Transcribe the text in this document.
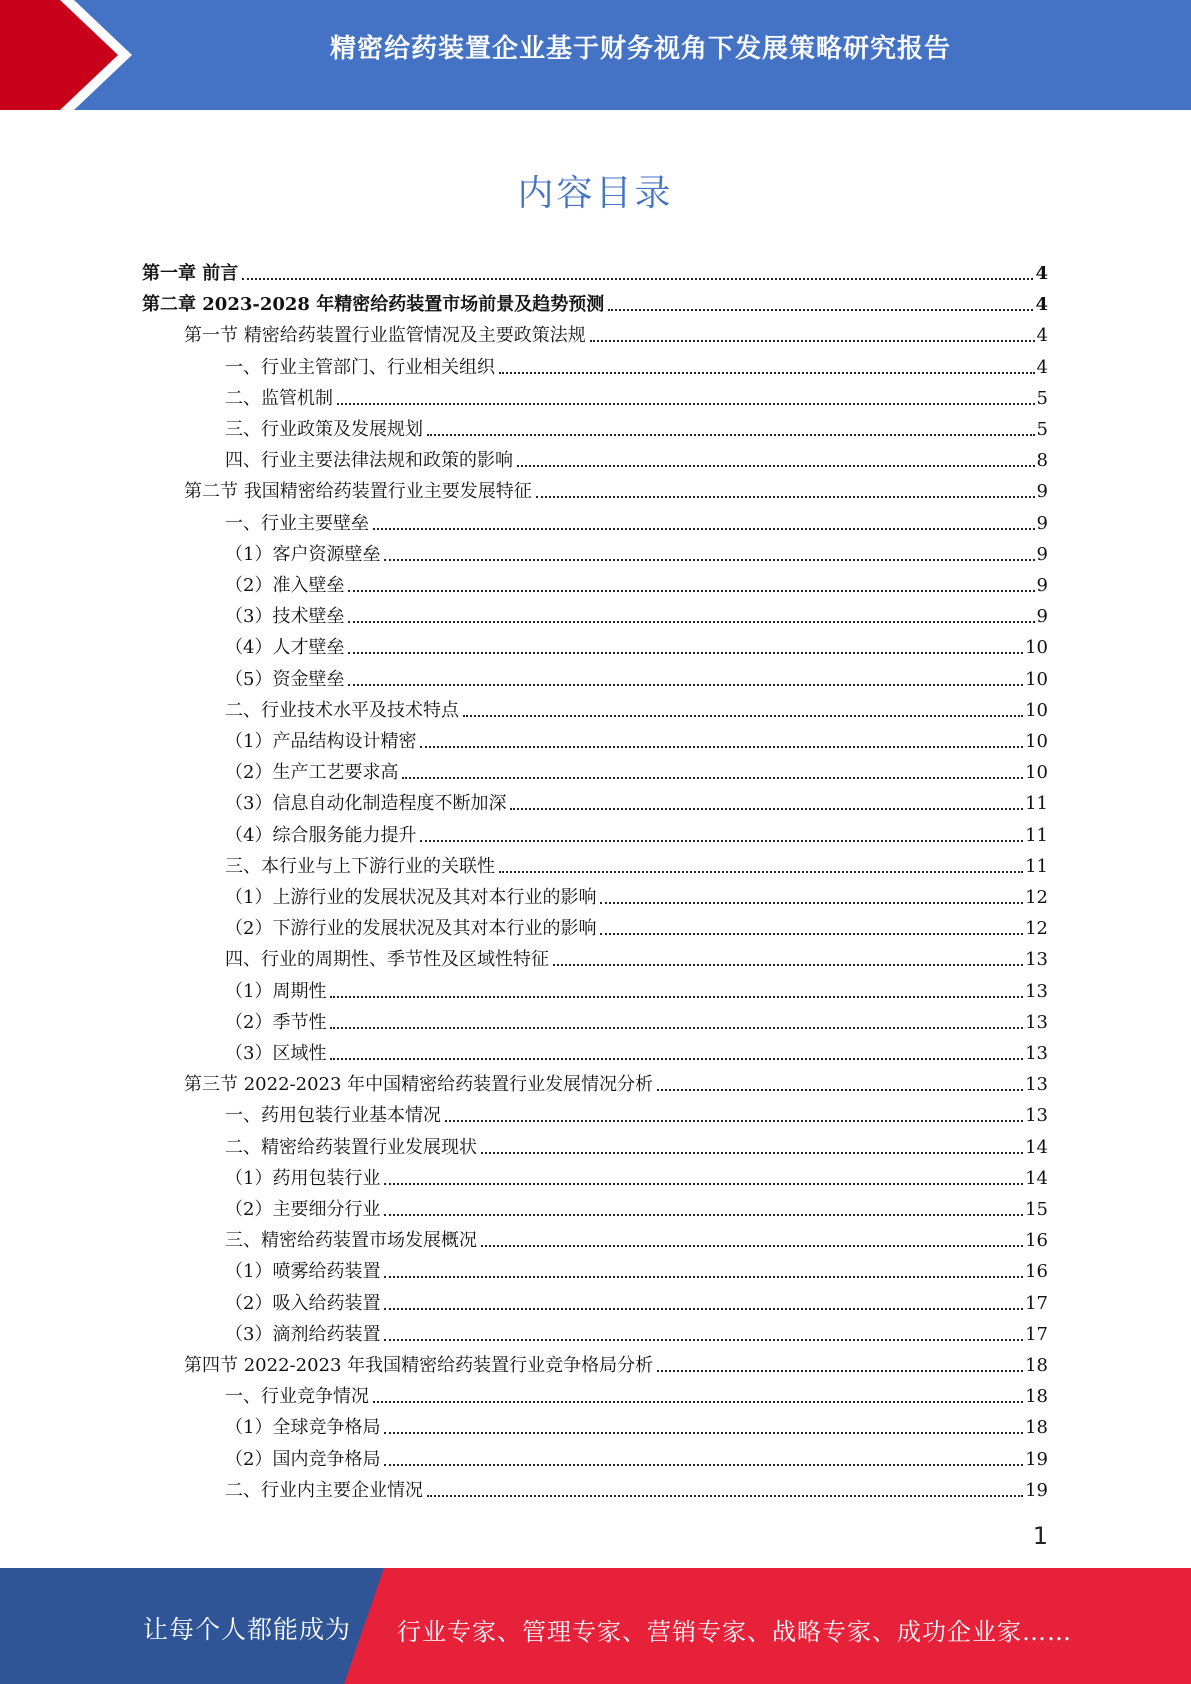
精密给药装置企业基于财务视角下发展策略研究报告
内容目录
第一章 前言	4
第二章 2023-2028 年精密给药装置市场前景及趋势预测	4
第一节 精密给药装置行业监管情况及主要政策法规	4
一、行业主管部门、行业相关组织	4
二、监管机制	5
三、行业政策及发展规划	5
四、行业主要法律法规和政策的影响	8
第二节 我国精密给药装置行业主要发展特征	9
一、行业主要壁垒	9
（1）客户资源壁垒	9
（2）准入壁垒	9
（3）技术壁垒	9
（4）人才壁垒	10
（5）资金壁垒	10
二、行业技术水平及技术特点	10
（1）产品结构设计精密	10
（2）生产工艺要求高	10
（3）信息自动化制造程度不断加深	11
（4）综合服务能力提升	11
三、本行业与上下游行业的关联性	11
（1）上游行业的发展状况及其对本行业的影响	12
（2）下游行业的发展状况及其对本行业的影响	12
四、行业的周期性、季节性及区域性特征	13
（1）周期性	13
（2）季节性	13
（3）区域性	13
第三节 2022-2023 年中国精密给药装置行业发展情况分析	13
一、药用包装行业基本情况	13
二、精密给药装置行业发展现状	14
（1）药用包装行业	14
（2）主要细分行业	15
三、精密给药装置市场发展概况	16
（1）喷雾给药装置	16
（2）吸入给药装置	17
（3）滴剂给药装置	17
第四节 2022-2023 年我国精密给药装置行业竞争格局分析	18
一、行业竞争情况	18
（1）全球竞争格局	18
（2）国内竞争格局	19
二、行业内主要企业情况	19
1
让每个人都能成为 行业专家、管理专家、营销专家、战略专家、成功企业家……
